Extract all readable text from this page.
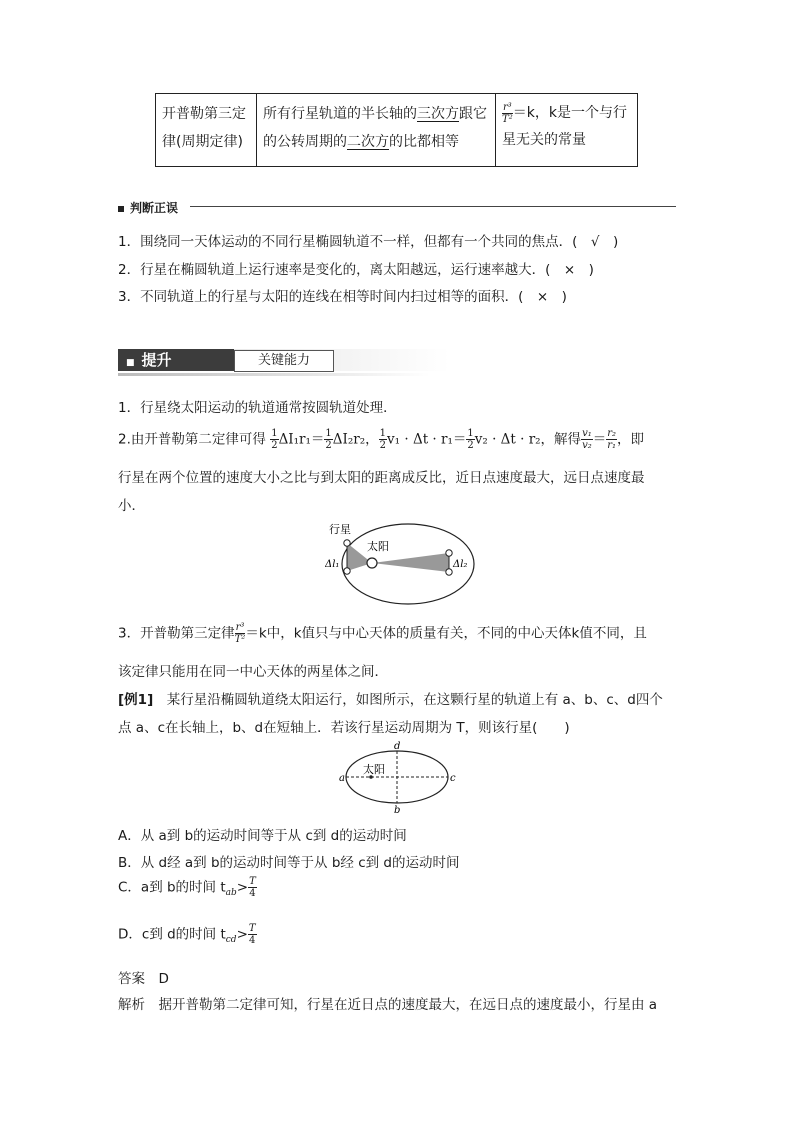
开普勒第三定
律(周期定律)

所有行星轨道的半长轴的三次方跟它
的公转周期的二次方的比都相等

$\frac{\text{r³}}{\text{T²}} =k$，k是一个与行
星无关的常量
判断正误
1．围绕同一天体运动的不同行星椭圆轨道不一样，但都有一个共同的焦点．(　√　)
2．行星在椭圆轨道上运行速率是变化的，离太阳越远，运行速率越大．(　×　)
3．不同轨道上的行星与太阳的连线在相等时间内扫过相等的面积．(　×　)
■ 提升	关键能力
1．行星绕太阳运动的轨道通常按圆轨道处理．
2.由开普勒第二定律可得 $\frac{1}{2} \Delta I_1r_1= \frac{1}{2} \Delta I_2r_2$， $\frac{1}{2} v_1 \cdot \Delta t \cdot r_1= \frac{1}{2} v_2 \cdot \Delta t \cdot r_2$，解得 $\frac{\text{v₁}}{\text{v₂}} = \frac{\text{r₂}}{\text{r₁}}$ ，即
行星在两个位置的速度大小之比与到太阳的距离成反比，近日点速度最大，远日点速度最
小．
行星
太阳
Δl₁	Δl₂
3．开普勒第三定律 $\frac{\text{r³}}{\text{T²}} =k$中，k值只与中心天体的质量有关，不同的中心天体k值不同，且
该定律只能用在同一中心天体的两星体之间．
[例1]　 某行星沿椭圆轨道绕太阳运行，如图所示，在这颗行星的轨道上有 a、b、c、d四个
点 a、c在长轴上，b、d在短轴上．若该行星运动周期为 T，则该行星(　　)
太阳
a	c
d
b
A．从 a到 b的运动时间等于从 c到 d的运动时间
B．从 d经 a到 b的运动时间等于从 b经 c到 d的运动时间
C．a到 b的时间 $t_{ab}> \frac{T}{4}$
D．c到 d的时间 $t_{cd}> \frac{T}{4}$
答案　 D
解析　 据开普勒第二定律可知，行星在近日点的速度最大，在远日点的速度最小，行星由 a
